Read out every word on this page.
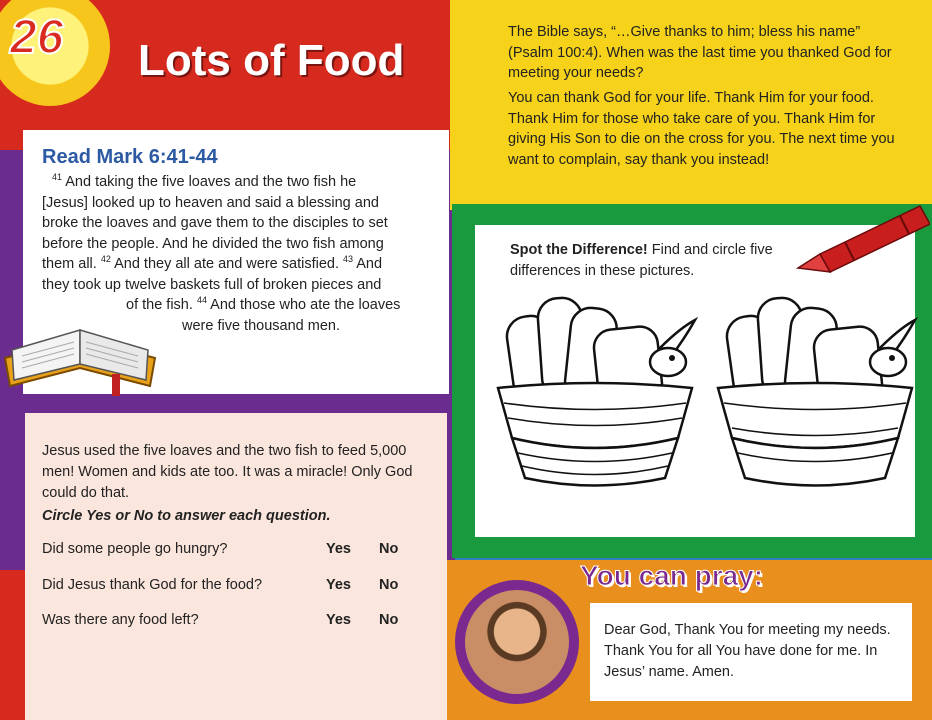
26 Lots of Food
Read Mark 6:41-44
$^{41}$ And taking the five loaves and the two fish he
[Jesus] looked up to heaven and said a blessing and
broke the loaves and gave them to the disciples to set
before the people. And he divided the two fish among
them all. $^{42}$ And they all ate and were satisfied. $^{43}$ And
they took up twelve baskets full of broken pieces and
of the fish. $^{44}$ And those who ate the loaves
were five thousand men.
Jesus used the five loaves and the two fish to feed 5,000 men! Women and kids ate too. It was a miracle! Only God could do that.
Circle Yes or No to answer each question.
Did some people go hungry?	Yes No
Did Jesus thank God for the food?	Yes No
Was there any food left?	Yes No
The Bible says, “…Give thanks to him; bless his name” (Psalm 100:4). When was the last time you thanked God for meeting your needs?
You can thank God for your life. Thank Him for your food. Thank Him for those who take care of you. Thank Him for giving His Son to die on the cross for you. The next time you want to complain, say thank you instead!
Spot the Difference! Find and circle five differences in these pictures.
Dear God, Thank You for meeting my needs. Thank You for all You have done for me. In Jesus’ name. Amen.
You can pray:
